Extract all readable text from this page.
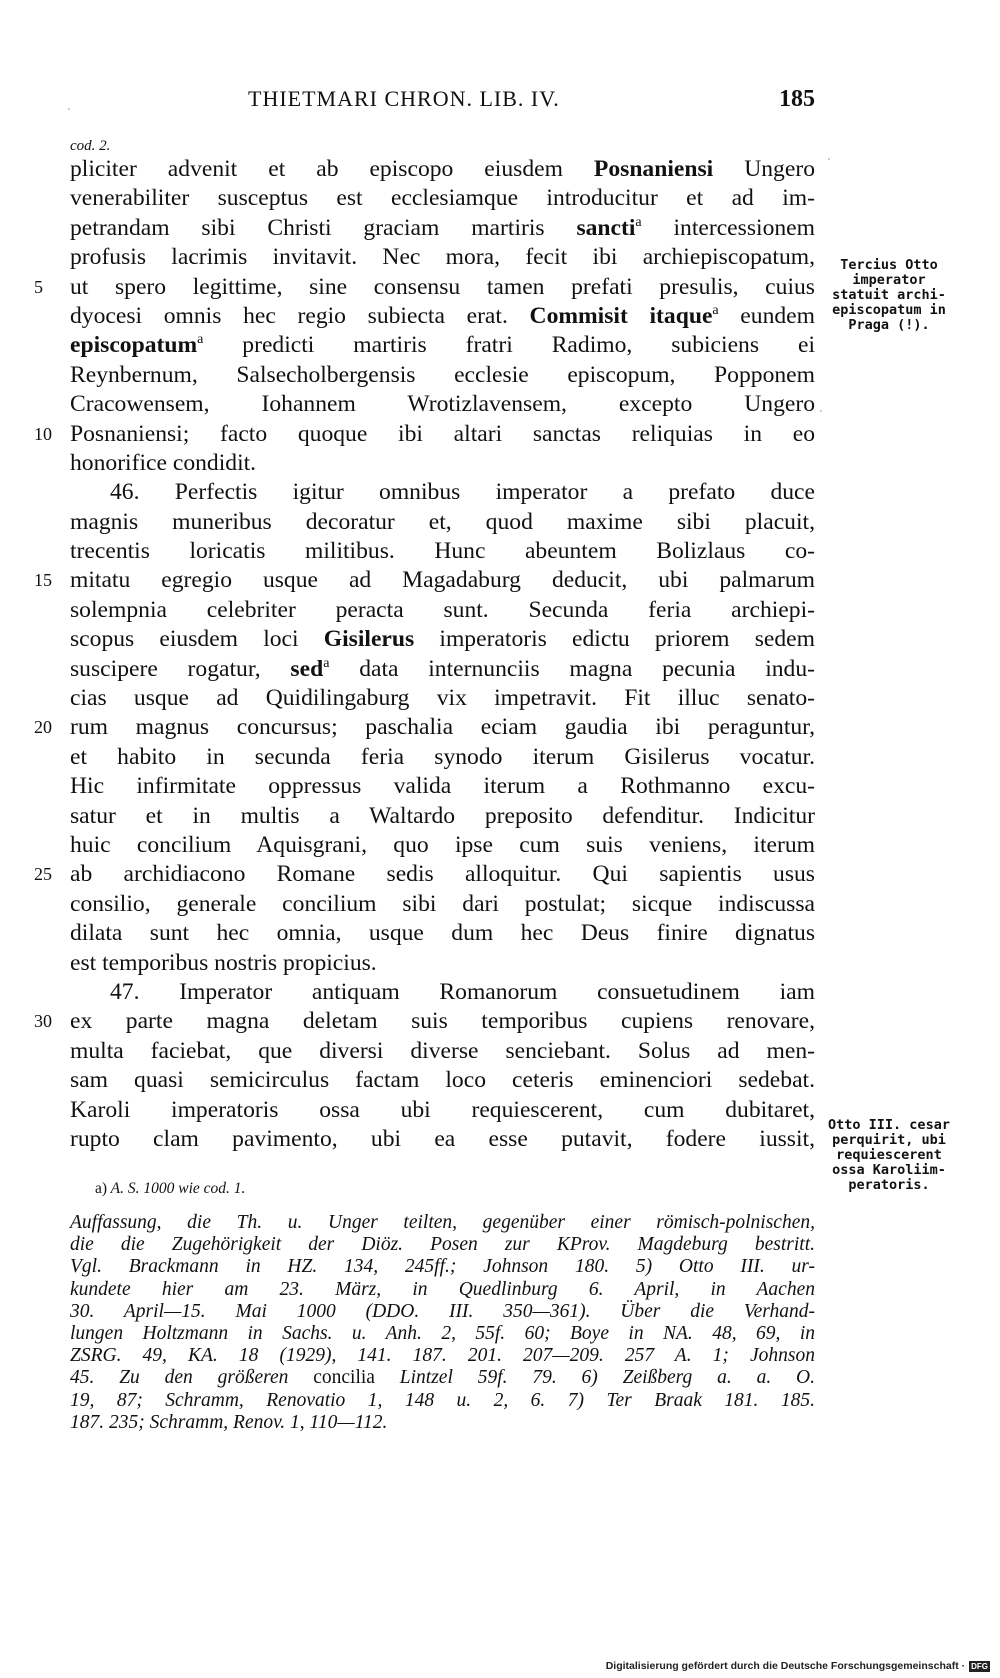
THIETMARI CHRON. LIB. IV.	185
cod. 2.
pliciter advenit et ab episcopo eiusdem Posnaniensi Ungero
venerabiliter susceptus est ecclesiamque introducitur et ad im-
petrandam sibi Christi graciam martiris sancti$^a$ intercessionem
profusis lacrimis invitavit. Nec mora, fecit ibi archiepiscopatum,
5	ut spero legittime, sine consensu tamen prefati presulis, cuius
dyocesi omnis hec regio subiecta erat. Commisit itaque$^a$ eundem
episcopatum$^a$ predicti martiris fratri Radimo, subiciens ei
Reynbernum, Salsecholbergensis ecclesie episcopum, Popponem
Cracowensem, Iohannem Wrotizlavensem, excepto Ungero
10 Posnaniensi; facto quoque ibi altari sanctas reliquias in eo
honorifice condidit.
46. Perfectis igitur omnibus imperator a prefato duce
magnis muneribus decoratur et, quod maxime sibi placuit,
trecentis loricatis militibus. Hunc abeuntem Bolizlaus co-
15 mitatu egregio usque ad Magadaburg deducit, ubi palmarum
solempnia celebriter peracta sunt. Secunda feria archiepi-
scopus eiusdem loci Gisilerus imperatoris edictu priorem sedem
suscipere rogatur, sed$^a$ data internunciis magna pecunia indu-
cias usque ad Quidilingaburg vix impetravit. Fit illuc senato-
20 rum magnus concursus; paschalia eciam gaudia ibi peraguntur,
et habito in secunda feria synodo iterum Gisilerus vocatur.
Hic infirmitate oppressus valida iterum a Rothmanno excu-
satur et in multis a Waltardo preposito defenditur. Indicitur
huic concilium Aquisgrani, quo ipse cum suis veniens, iterum
25 ab archidiacono Romane sedis alloquitur. Qui sapientis usus
consilio, generale concilium sibi dari postulat; sicque indiscussa
dilata sunt hec omnia, usque dum hec Deus finire dignatus
est temporibus nostris propicius.
47. Imperator antiquam Romanorum consuetudinem iam
30 ex parte magna deletam suis temporibus cupiens renovare,
multa faciebat, que diversi diverse senciebant. Solus ad men-
sam quasi semicirculus factam loco ceteris eminenciori sedebat.
Karoli imperatoris ossa ubi requiescerent, cum dubitaret,
rupto clam pavimento, ubi ea esse putavit, fodere iussit,
Tercius Otto
imperator
statuit archi-
episcopatum in
Praga (!).
Otto III. cesar
perquirit, ubi
requiescerent
ossa Karoliim-
peratoris.
a) A. S. 1000 wie cod. 1.
Auffassung, die Th. u. Unger teilten, gegenüber einer römisch-polnischen,
die die Zugehörigkeit der Diöz. Posen zur KProv. Magdeburg bestritt.
Vgl. Brackmann in HZ. 134, 245ff.; Johnson 180. 5) Otto III. ur-
kundete hier am 23. März, in Quedlinburg 6. April, in Aachen
30. April—15. Mai 1000 (DDO. III. 350—361). Über die Verhand-
lungen Holtzmann in Sachs. u. Anh. 2, 55f. 60; Boye in NA. 48, 69, in
ZSRG. 49, KA. 18 (1929), 141. 187. 201. 207—209. 257 A. 1; Johnson
45. Zu den größeren concilia Lintzel 59f. 79. 6) Zeißberg a. a. O.
19, 87; Schramm, Renovatio 1, 148 u. 2, 6. 7) Ter Braak 181. 185.
187. 235; Schramm, Renov. 1, 110—112.
Digitalisierung gefördert durch die Deutsche Forschungsgemeinschaft · DFG
